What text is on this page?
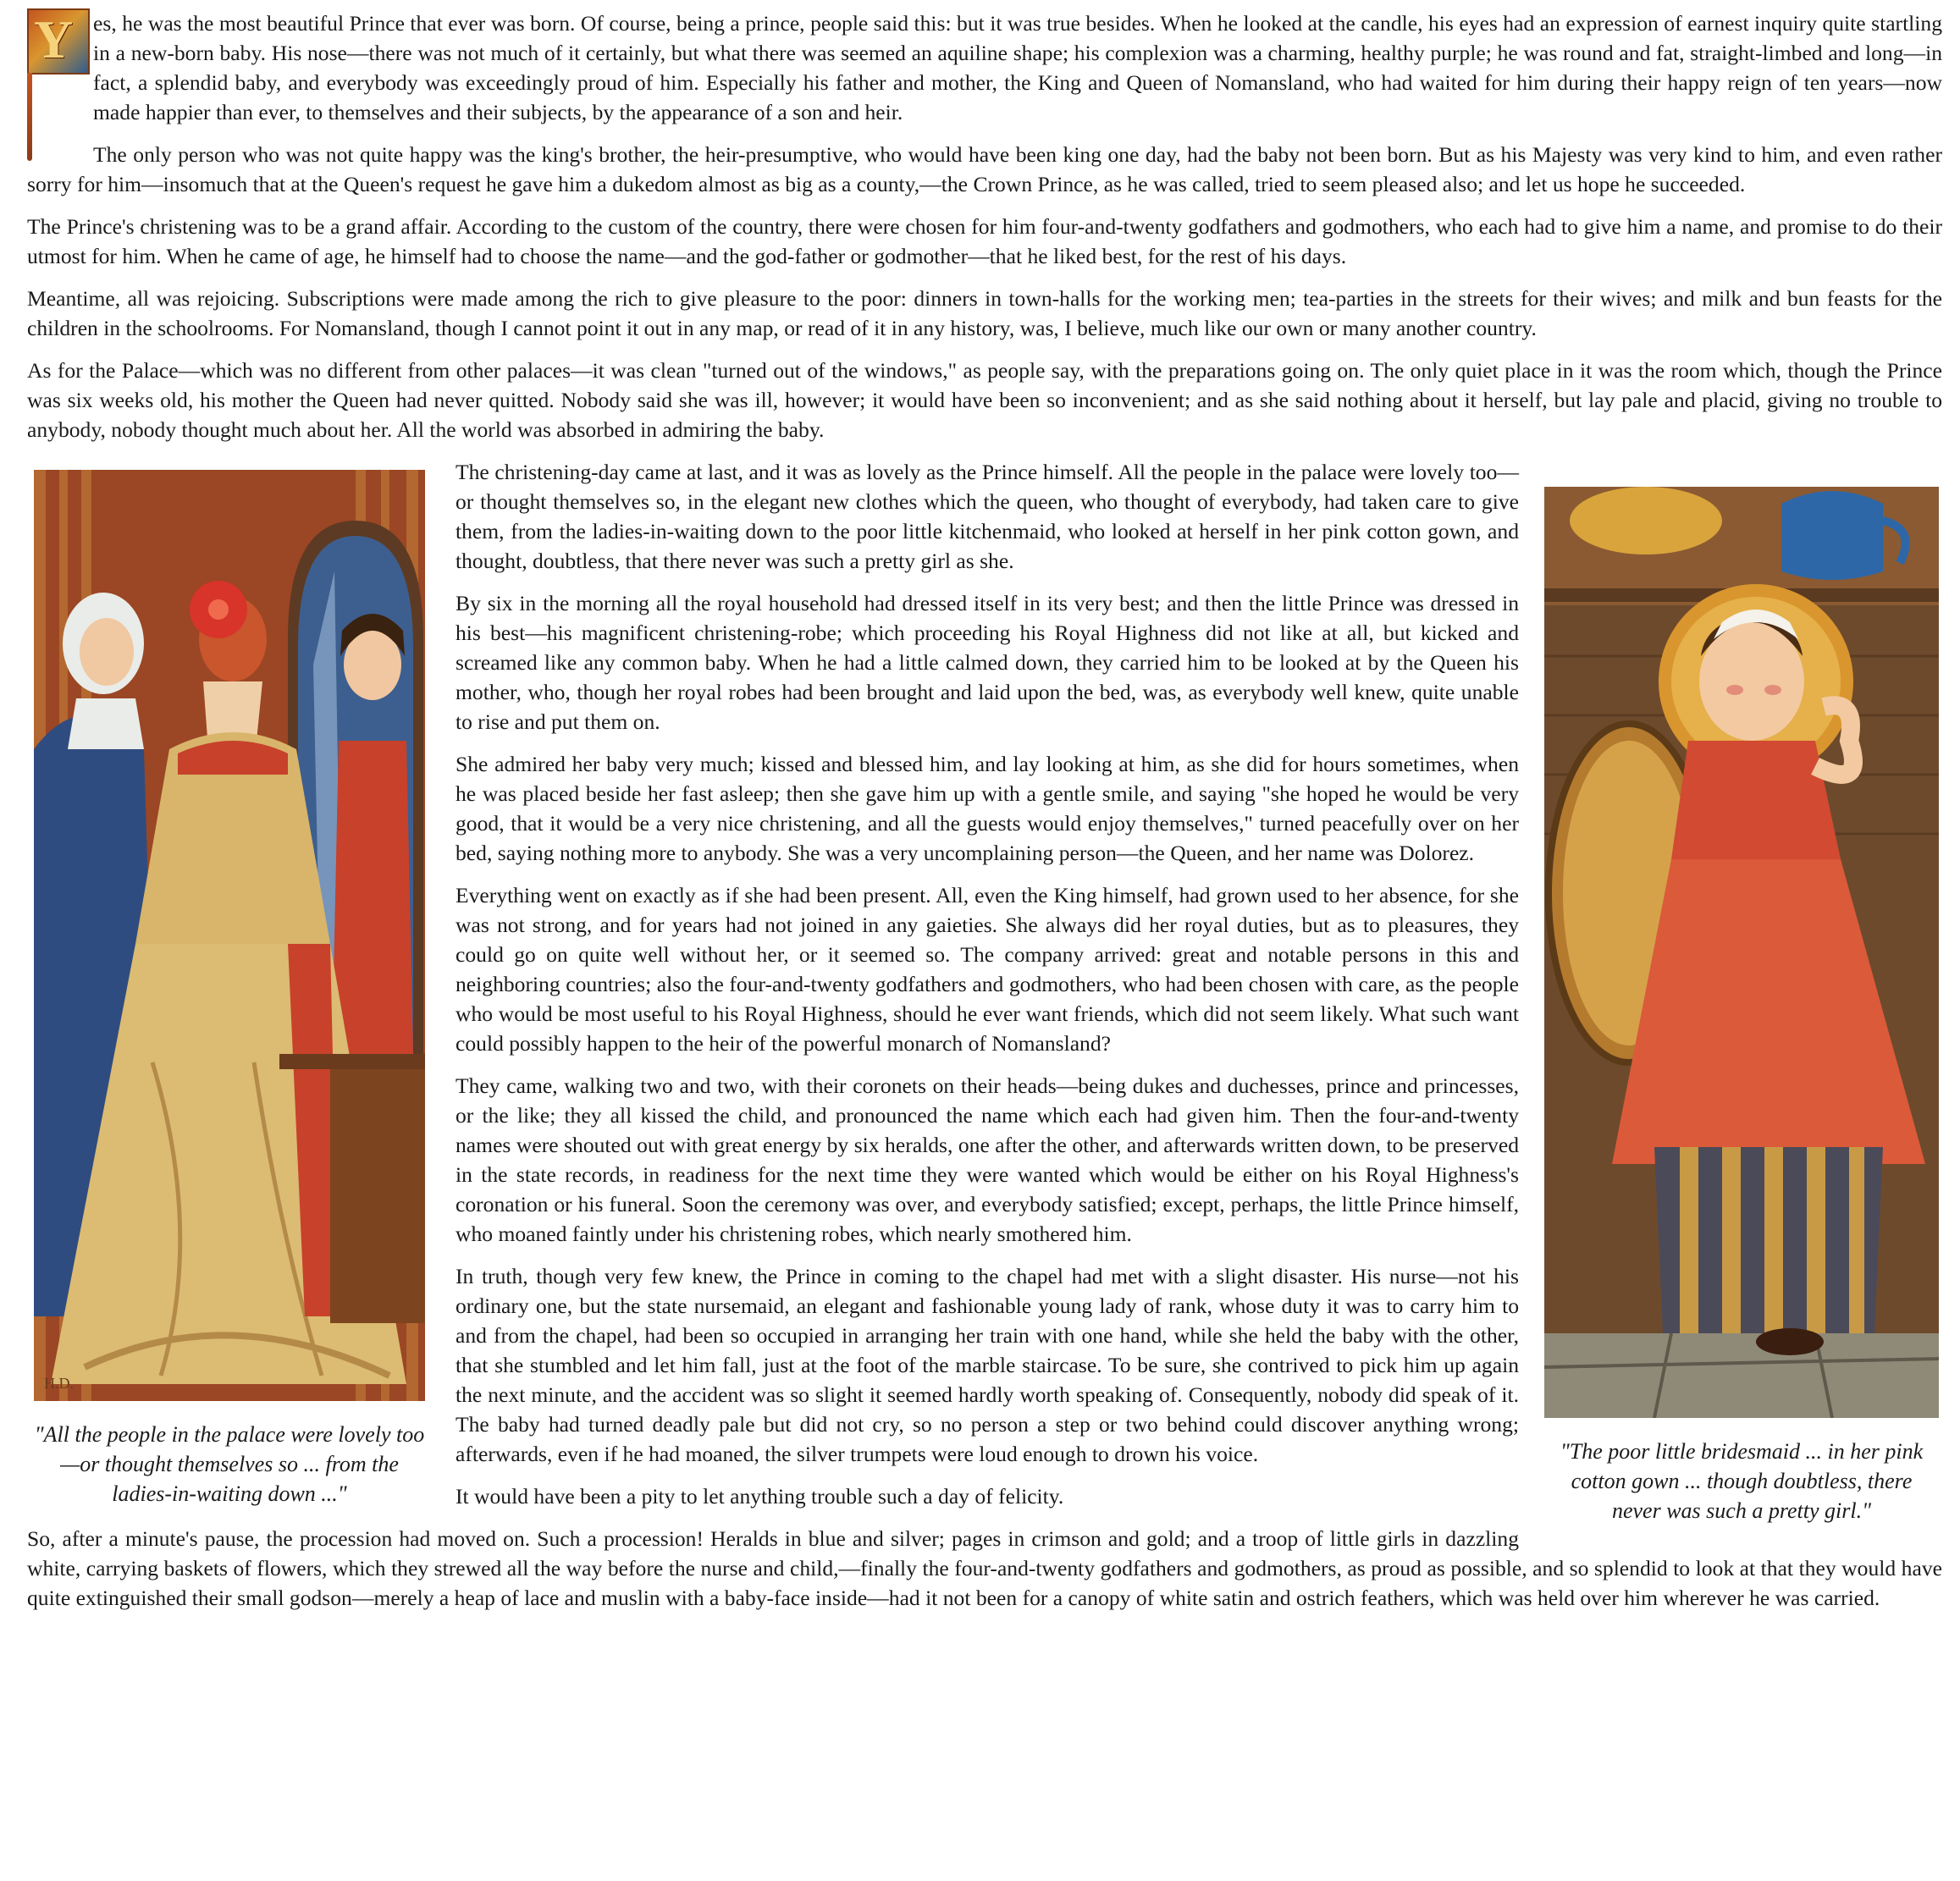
Y es, he was the most beautiful Prince that ever was born. Of course, being a prince, people said this: but it was true besides. When he looked at the candle, his eyes had an expression of earnest inquiry quite startling in a new-born baby. His nose—there was not much of it certainly, but what there was seemed an aquiline shape; his complexion was a charming, healthy purple; he was round and fat, straight-limbed and long—in fact, a splendid baby, and everybody was exceedingly proud of him. Especially his father and mother, the King and Queen of Nomansland, who had waited for him during their happy reign of ten years—now made happier than ever, to themselves and their subjects, by the appearance of a son and heir.

The only person who was not quite happy was the king's brother, the heir-presumptive, who would have been king one day, had the baby not been born. But as his Majesty was very kind to him, and even rather sorry for him—insomuch that at the Queen's request he gave him a dukedom almost as big as a county,—the Crown Prince, as he was called, tried to seem pleased also; and let us hope he succeeded.

The Prince's christening was to be a grand affair. According to the custom of the country, there were chosen for him four-and-twenty godfathers and godmothers, who each had to give him a name, and promise to do their utmost for him. When he came of age, he himself had to choose the name—and the god-father or godmother—that he liked best, for the rest of his days.

Meantime, all was rejoicing. Subscriptions were made among the rich to give pleasure to the poor: dinners in town-halls for the working men; tea-parties in the streets for their wives; and milk and bun feasts for the children in the schoolrooms. For Nomansland, though I cannot point it out in any map, or read of it in any history, was, I believe, much like our own or many another country.

As for the Palace—which was no different from other palaces—it was clean "turned out of the windows," as people say, with the preparations going on. The only quiet place in it was the room which, though the Prince was six weeks old, his mother the Queen had never quitted. Nobody said she was ill, however; it would have been so inconvenient; and as she said nothing about it herself, but lay pale and placid, giving no trouble to anybody, nobody thought much about her. All the world was absorbed in admiring the baby.

H.D.
"All the people in the palace were lovely too—or thought themselves so ... from the ladies-in-waiting down ..."
"The poor little bridesmaid ... in her pink cotton gown ... though doubtless, there never was such a pretty girl."

The christening-day came at last, and it was as lovely as the Prince himself. All the people in the palace were lovely too—or thought themselves so, in the elegant new clothes which the queen, who thought of everybody, had taken care to give them, from the ladies-in-waiting down to the poor little kitchenmaid, who looked at herself in her pink cotton gown, and thought, doubtless, that there never was such a pretty girl as she.

By six in the morning all the royal household had dressed itself in its very best; and then the little Prince was dressed in his best—his magnificent christening-robe; which proceeding his Royal Highness did not like at all, but kicked and screamed like any common baby. When he had a little calmed down, they carried him to be looked at by the Queen his mother, who, though her royal robes had been brought and laid upon the bed, was, as everybody well knew, quite unable to rise and put them on.

She admired her baby very much; kissed and blessed him, and lay looking at him, as she did for hours sometimes, when he was placed beside her fast asleep; then she gave him up with a gentle smile, and saying "she hoped he would be very good, that it would be a very nice christening, and all the guests would enjoy themselves," turned peacefully over on her bed, saying nothing more to anybody. She was a very uncomplaining person—the Queen, and her name was Dolorez.

Everything went on exactly as if she had been present. All, even the King himself, had grown used to her absence, for she was not strong, and for years had not joined in any gaieties. She always did her royal duties, but as to pleasures, they could go on quite well without her, or it seemed so. The company arrived: great and notable persons in this and neighboring countries; also the four-and-twenty godfathers and godmothers, who had been chosen with care, as the people who would be most useful to his Royal Highness, should he ever want friends, which did not seem likely. What such want could possibly happen to the heir of the powerful monarch of Nomansland?

They came, walking two and two, with their coronets on their heads—being dukes and duchesses, prince and princesses, or the like; they all kissed the child, and pronounced the name which each had given him. Then the four-and-twenty names were shouted out with great energy by six heralds, one after the other, and afterwards written down, to be preserved in the state records, in readiness for the next time they were wanted which would be either on his Royal Highness's coronation or his funeral. Soon the ceremony was over, and everybody satisfied; except, perhaps, the little Prince himself, who moaned faintly under his christening robes, which nearly smothered him.

In truth, though very few knew, the Prince in coming to the chapel had met with a slight disaster. His nurse—not his ordinary one, but the state nursemaid, an elegant and fashionable young lady of rank, whose duty it was to carry him to and from the chapel, had been so occupied in arranging her train with one hand, while she held the baby with the other, that she stumbled and let him fall, just at the foot of the marble staircase. To be sure, she contrived to pick him up again the next minute, and the accident was so slight it seemed hardly worth speaking of. Consequently, nobody did speak of it. The baby had turned deadly pale but did not cry, so no person a step or two behind could discover anything wrong; afterwards, even if he had moaned, the silver trumpets were loud enough to drown his voice.

It would have been a pity to let anything trouble such a day of felicity.

So, after a minute's pause, the procession had moved on. Such a procession! Heralds in blue and silver; pages in crimson and gold; and a troop of little girls in dazzling white, carrying baskets of flowers, which they strewed all the way before the nurse and child,—finally the four-and-twenty godfathers and godmothers, as proud as possible, and so splendid to look at that they would have quite extinguished their small godson—merely a heap of lace and muslin with a baby-face inside—had it not been for a canopy of white satin and ostrich feathers, which was held over him wherever he was carried.
